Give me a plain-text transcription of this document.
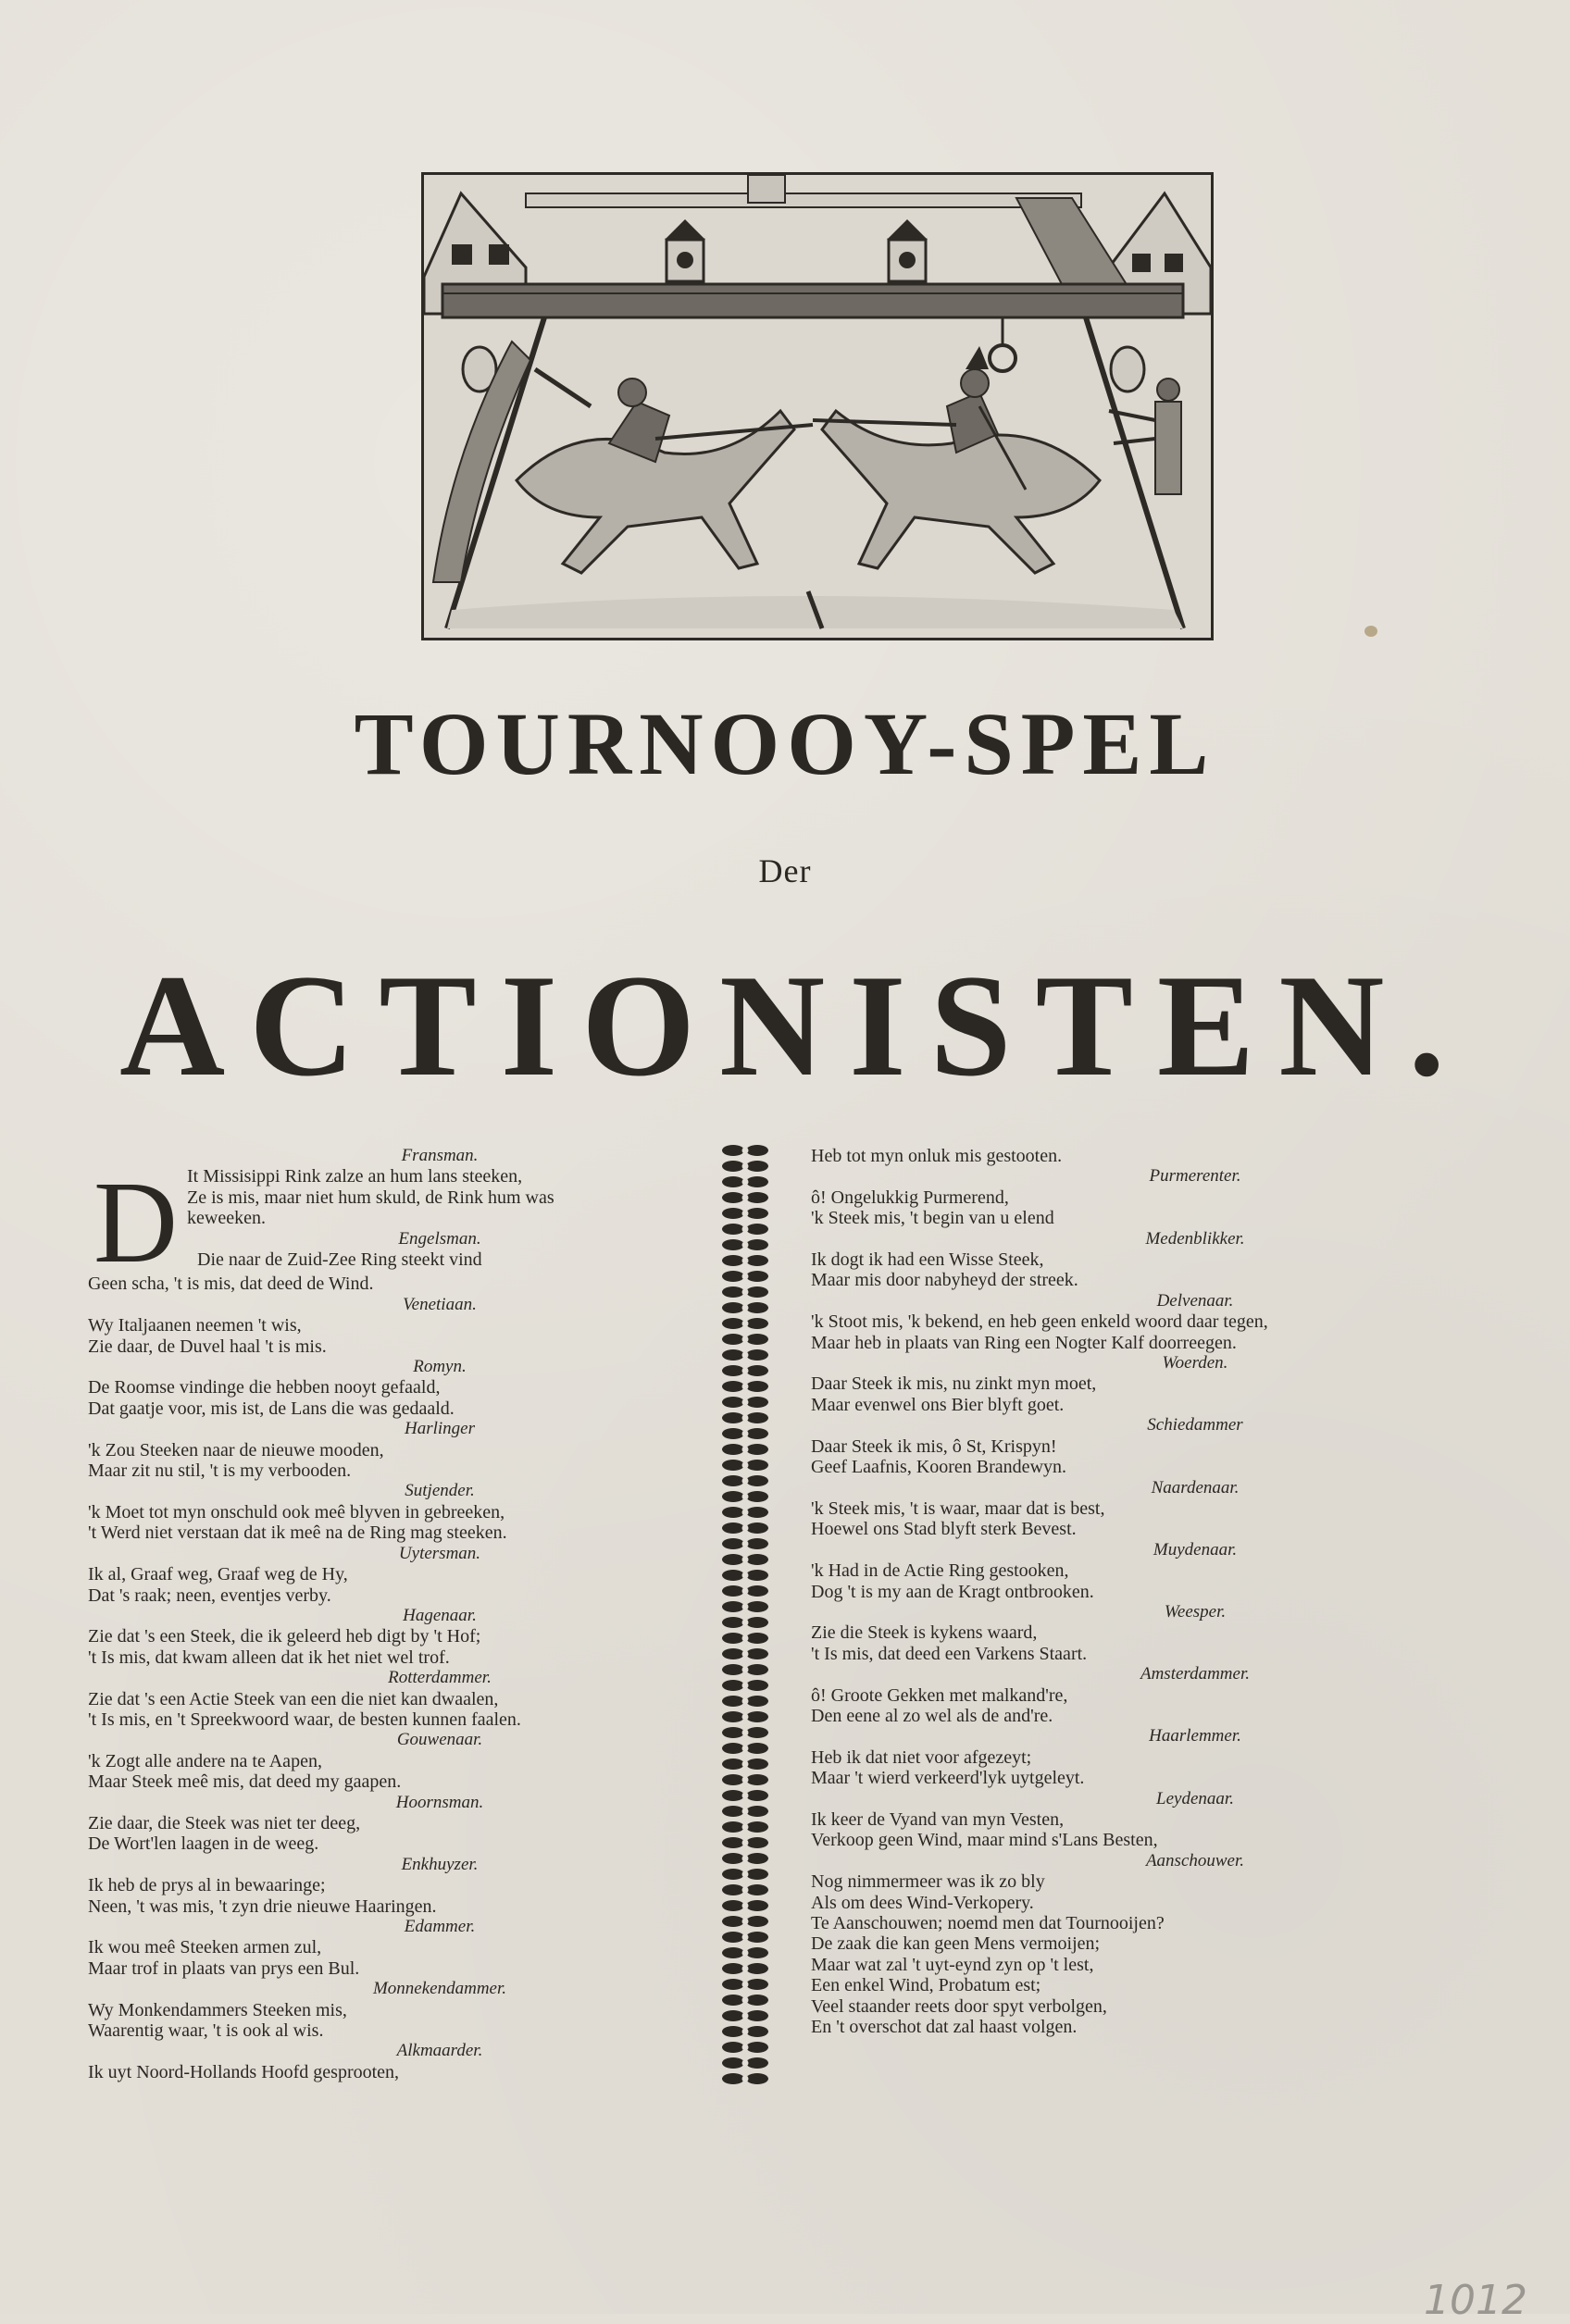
TOURNOOY-SPEL
Der
ACTIONISTEN.
Fransman.
D It Missisippi Rink zalze an hum lans steeken,
Ze is mis, maar niet hum skuld, de Rink hum was
keweeken.
Engelsman.
Die naar de Zuid-Zee Ring steekt vind
Geen scha, 't is mis, dat deed de Wind.
Venetiaan.
Wy Italjaanen neemen 't wis,
Zie daar, de Duvel haal 't is mis.
Romyn.
De Roomse vindinge die hebben nooyt gefaald,
Dat gaatje voor, mis ist, de Lans die was gedaald.
Harlinger
'k Zou Steeken naar de nieuwe mooden,
Maar zit nu stil, 't is my verbooden.
Sutjender.
'k Moet tot myn onschuld ook meê blyven in gebreeken,
't Werd niet verstaan dat ik meê na de Ring mag steeken.
Uytersman.
Ik al, Graaf weg, Graaf weg de Hy,
Dat 's raak; neen, eventjes verby.
Hagenaar.
Zie dat 's een Steek, die ik geleerd heb digt by 't Hof;
't Is mis, dat kwam alleen dat ik het niet wel trof.
Rotterdammer.
Zie dat 's een Actie Steek van een die niet kan dwaalen,
't Is mis, en 't Spreekwoord waar, de besten kunnen faalen.
Gouwenaar.
'k Zogt alle andere na te Aapen,
Maar Steek meê mis, dat deed my gaapen.
Hoornsman.
Zie daar, die Steek was niet ter deeg,
De Wort'len laagen in de weeg.
Enkhuyzer.
Ik heb de prys al in bewaaringe;
Neen, 't was mis, 't zyn drie nieuwe Haaringen.
Edammer.
Ik wou meê Steeken armen zul,
Maar trof in plaats van prys een Bul.
Monnekendammer.
Wy Monkendammers Steeken mis,
Waarentig waar, 't is ook al wis.
Alkmaarder.
Ik uyt Noord-Hollands Hoofd gesprooten,
Heb tot myn onluk mis gestooten.
Purmerenter.
ô! Ongelukkig Purmerend,
'k Steek mis, 't begin van u elend
Medenblikker.
Ik dogt ik had een Wisse Steek,
Maar mis door nabyheyd der streek.
Delvenaar.
'k Stoot mis, 'k bekend, en heb geen enkeld woord daar tegen,
Maar heb in plaats van Ring een Nogter Kalf doorreegen.
Woerden.
Daar Steek ik mis, nu zinkt myn moet,
Maar evenwel ons Bier blyft goet.
Schiedammer
Daar Steek ik mis, ô St, Krispyn!
Geef Laafnis, Kooren Brandewyn.
Naardenaar.
'k Steek mis, 't is waar, maar dat is best,
Hoewel ons Stad blyft sterk Bevest.
Muydenaar.
'k Had in de Actie Ring gestooken,
Dog 't is my aan de Kragt ontbrooken.
Weesper.
Zie die Steek is kykens waard,
't Is mis, dat deed een Varkens Staart.
Amsterdammer.
ô! Groote Gekken met malkand're,
Den eene al zo wel als de and're.
Haarlemmer.
Heb ik dat niet voor afgezeyt;
Maar 't wierd verkeerd'lyk uytgeleyt.
Leydenaar.
Ik keer de Vyand van myn Vesten,
Verkoop geen Wind, maar mind s'Lans Besten,
Aanschouwer.
Nog nimmermeer was ik zo bly
Als om dees Wind-Verkopery.
Te Aanschouwen; noemd men dat Tournooijen?
De zaak die kan geen Mens vermoijen;
Maar wat zal 't uyt-eynd zyn op 't lest,
Een enkel Wind, Probatum est;
Veel staander reets door spyt verbolgen,
En 't overschot dat zal haast volgen.
1012
